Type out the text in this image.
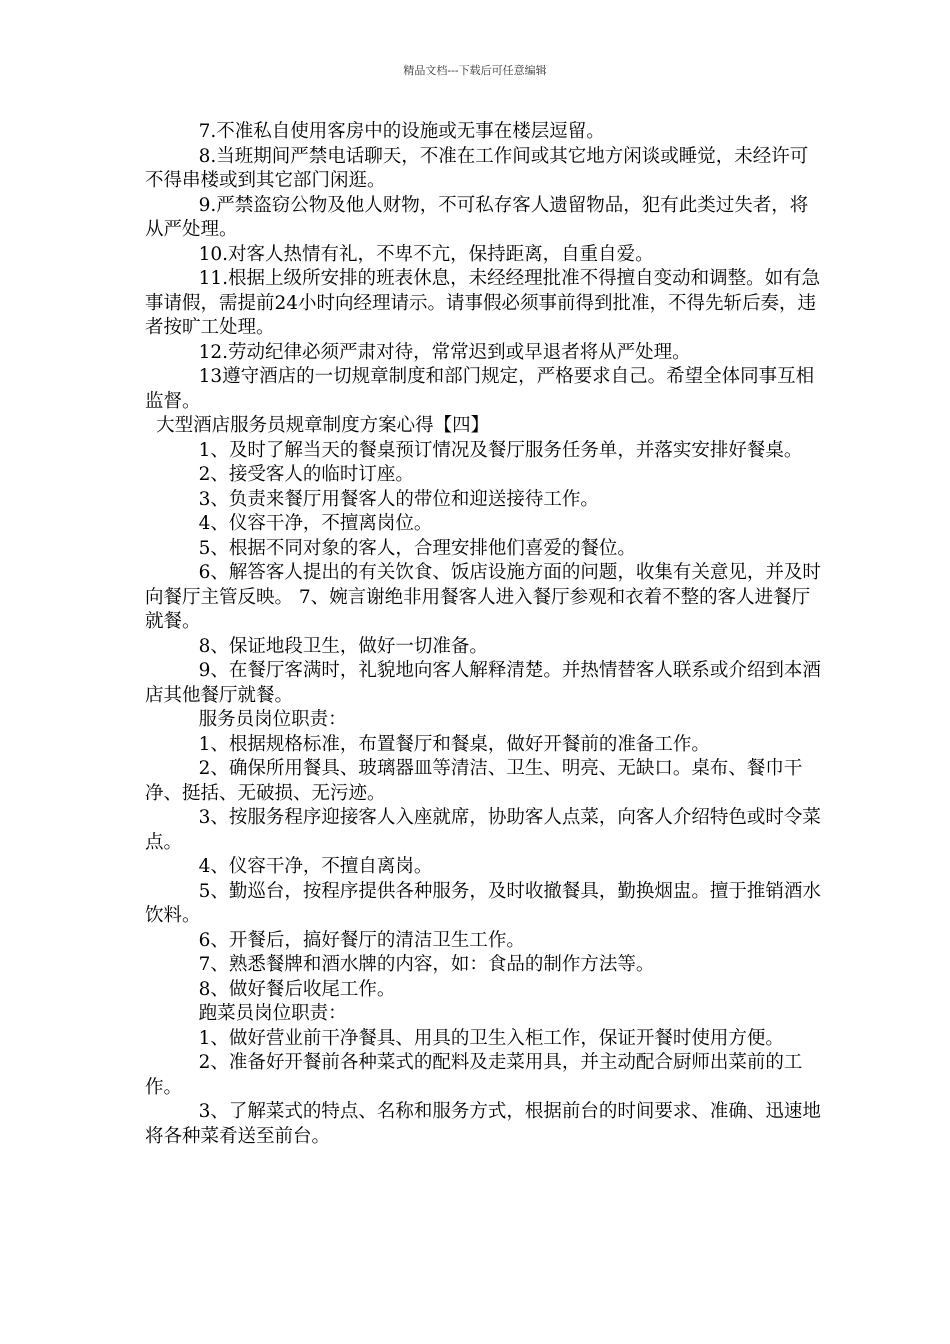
精品文档---下载后可任意编辑

7.不准私自使用客房中的设施或无事在楼层逗留。

8.当班期间严禁电话聊天，不准在工作间或其它地方闲谈或睡觉，未经许可不得串楼或到其它部门闲逛。

9.严禁盗窃公物及他人财物，不可私存客人遗留物品，犯有此类过失者，将从严处理。

10.对客人热情有礼，不卑不亢，保持距离，自重自爱。

11.根据上级所安排的班表休息，未经经理批准不得擅自变动和调整。如有急事请假，需提前24小时向经理请示。请事假必须事前得到批准，不得先斩后奏，违者按旷工处理。

12.劳动纪律必须严肃对待，常常迟到或早退者将从严处理。

13遵守酒店的一切规章制度和部门规定，严格要求自己。希望全体同事互相监督。

大型酒店服务员规章制度方案心得【四】

1、及时了解当天的餐桌预订情况及餐厅服务任务单，并落实安排好餐桌。

2、接受客人的临时订座。

3、负责来餐厅用餐客人的带位和迎送接待工作。

4、仪容干净，不擅离岗位。

5、根据不同对象的客人，合理安排他们喜爱的餐位。

6、解答客人提出的有关饮食、饭店设施方面的问题，收集有关意见，并及时向餐厅主管反映。 7、婉言谢绝非用餐客人进入餐厅参观和衣着不整的客人进餐厅就餐。

8、保证地段卫生，做好一切准备。

9、在餐厅客满时，礼貌地向客人解释清楚。并热情替客人联系或介绍到本酒店其他餐厅就餐。

服务员岗位职责：

1、根据规格标准，布置餐厅和餐桌，做好开餐前的准备工作。

2、确保所用餐具、玻璃器皿等清洁、卫生、明亮、无缺口。桌布、餐巾干净、挺括、无破损、无污迹。

3、按服务程序迎接客人入座就席，协助客人点菜，向客人介绍特色或时令菜点。

4、仪容干净，不擅自离岗。

5、勤巡台，按程序提供各种服务，及时收撤餐具，勤换烟盅。擅于推销酒水饮料。

6、开餐后，搞好餐厅的清洁卫生工作。

7、熟悉餐牌和酒水牌的内容，如：食品的制作方法等。

8、做好餐后收尾工作。

跑菜员岗位职责：

1、做好营业前干净餐具、用具的卫生入柜工作，保证开餐时使用方便。

2、准备好开餐前各种菜式的配料及走菜用具，并主动配合厨师出菜前的工作。

3、了解菜式的特点、名称和服务方式，根据前台的时间要求、准确、迅速地将各种菜肴送至前台。
